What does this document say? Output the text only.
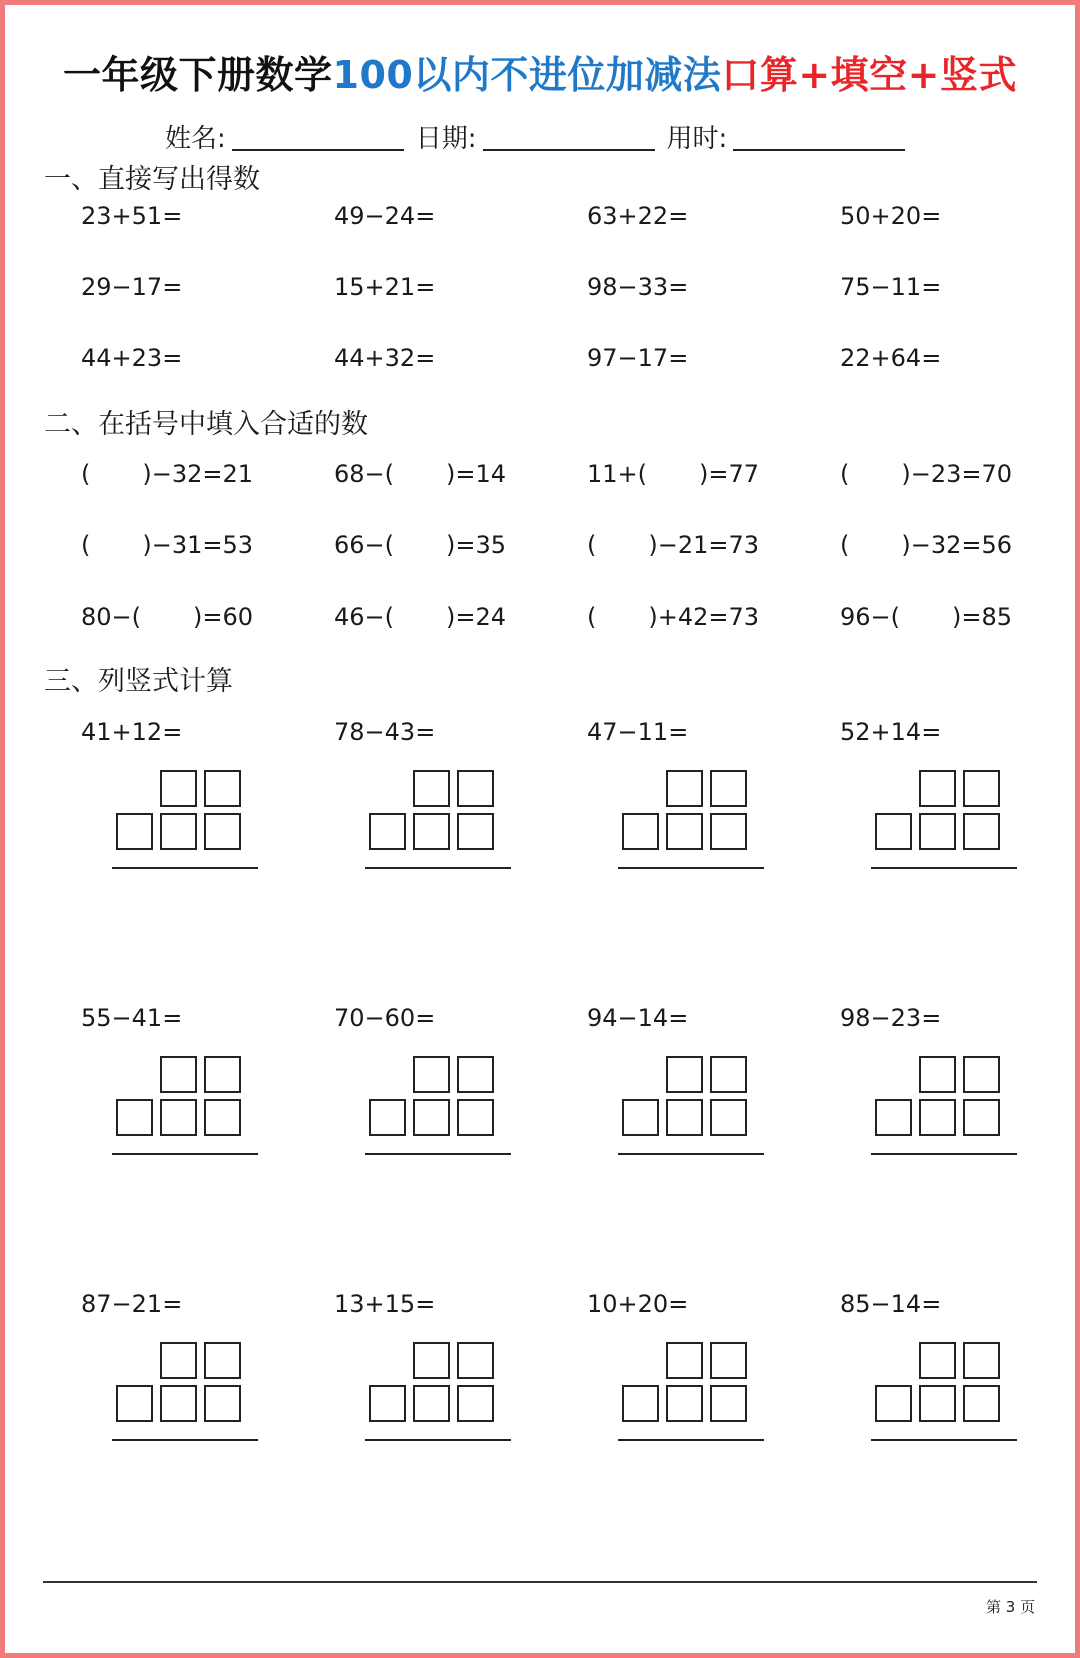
一年级下册数学100以内不进位加减法口算+填空+竖式
姓名:	日期:	用时:
一、直接写出得数
23+51=	49−24=	63+22=	50+20=
29−17=	15+21=	98−33=	75−11=
44+23=	44+32=	97−17=	22+64=
二、在括号中填入合适的数
( )−32=21	68−( )=14	11+( )=77	( )−23=70
( )−31=53	66−( )=35	( )−21=73	( )−32=56
80−( )=60	46−( )=24	( )+42=73	96−( )=85
三、列竖式计算
41+12=	78−43=	47−11=	52+14=
55−41=	70−60=	94−14=	98−23=
87−21=	13+15=	10+20=	85−14=
第 3 页
